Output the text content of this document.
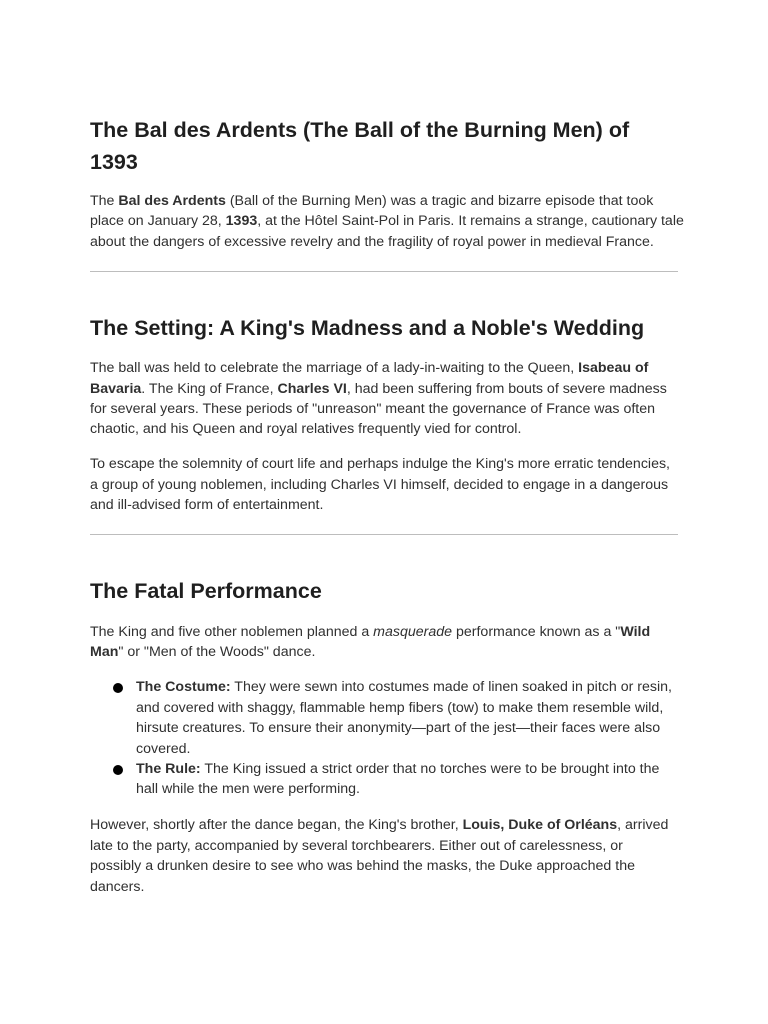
The Bal des Ardents (The Ball of the Burning Men) of 1393

The Bal des Ardents (Ball of the Burning Men) was a tragic and bizarre episode that took
place on January 28, 1393, at the Hôtel Saint-Pol in Paris. It remains a strange, cautionary tale
about the dangers of excessive revelry and the fragility of royal power in medieval France.

The Setting: A King's Madness and a Noble's Wedding

The ball was held to celebrate the marriage of a lady-in-waiting to the Queen, Isabeau of
Bavaria. The King of France, Charles VI, had been suffering from bouts of severe madness
for several years. These periods of "unreason" meant the governance of France was often
chaotic, and his Queen and royal relatives frequently vied for control.

To escape the solemnity of court life and perhaps indulge the King's more erratic tendencies,
a group of young noblemen, including Charles VI himself, decided to engage in a dangerous
and ill-advised form of entertainment.

The Fatal Performance

The King and five other noblemen planned a masquerade performance known as a "Wild
Man" or "Men of the Woods" dance.

The Costume: They were sewn into costumes made of linen soaked in pitch or resin,
and covered with shaggy, flammable hemp fibers (tow) to make them resemble wild,
hirsute creatures. To ensure their anonymity—part of the jest—their faces were also
covered.
The Rule: The King issued a strict order that no torches were to be brought into the
hall while the men were performing.

However, shortly after the dance began, the King's brother, Louis, Duke of Orléans, arrived
late to the party, accompanied by several torchbearers. Either out of carelessness, or
possibly a drunken desire to see who was behind the masks, the Duke approached the
dancers.
